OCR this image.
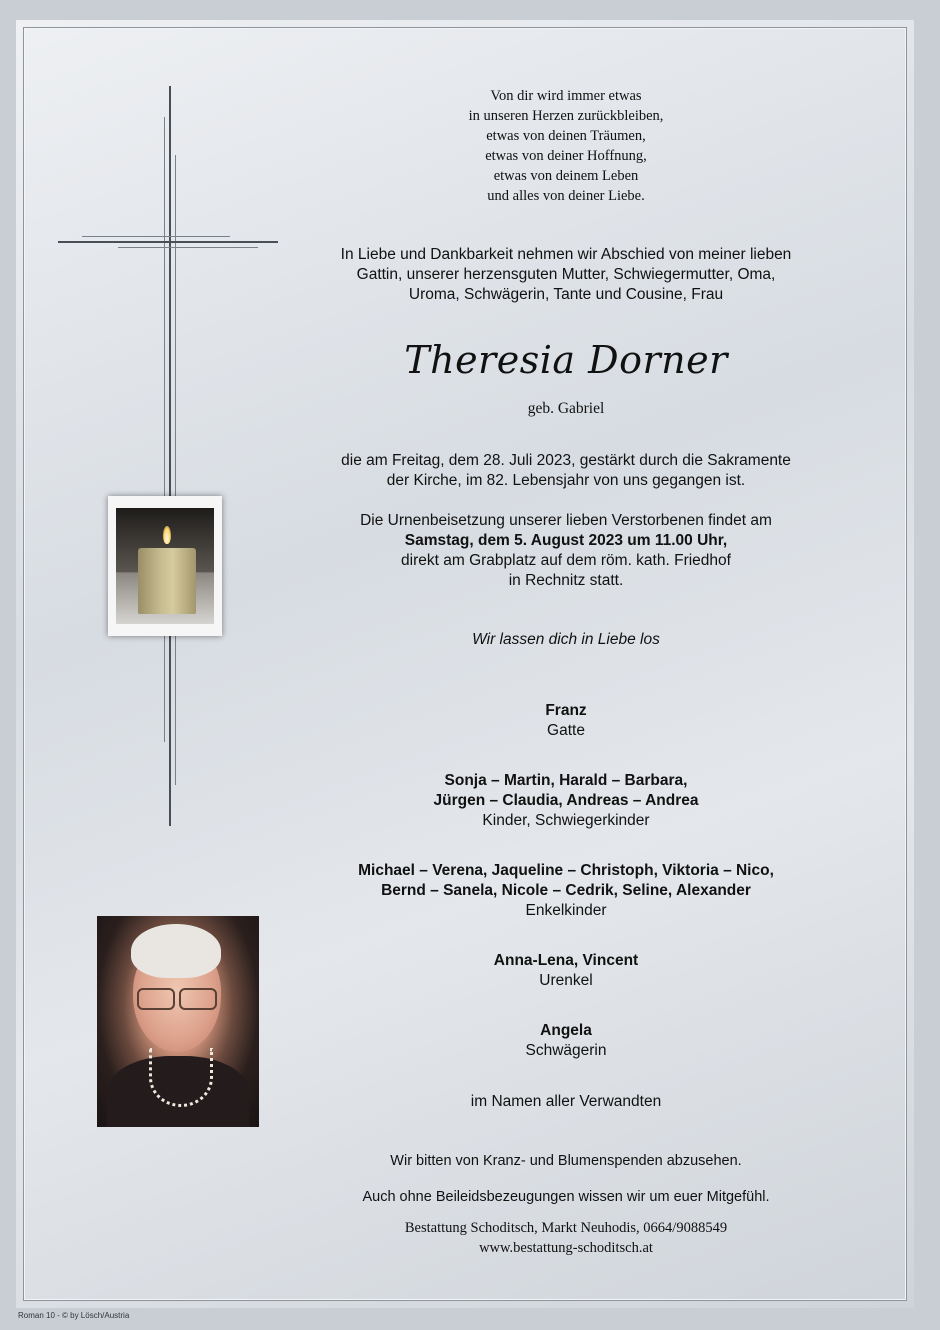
Von dir wird immer etwas
in unseren Herzen zurückbleiben,
etwas von deinen Träumen,
etwas von deiner Hoffnung,
etwas von deinem Leben
und alles von deiner Liebe.
In Liebe und Dankbarkeit nehmen wir Abschied von meiner lieben
Gattin, unserer herzensguten Mutter, Schwiegermutter, Oma,
Uroma, Schwägerin, Tante und Cousine, Frau
Theresia Dorner
geb. Gabriel
die am Freitag, dem 28. Juli 2023, gestärkt durch die Sakramente
der Kirche, im 82. Lebensjahr von uns gegangen ist.
Die Urnenbeisetzung unserer lieben Verstorbenen findet am
Samstag, dem 5. August 2023 um 11.00 Uhr,
direkt am Grabplatz auf dem röm. kath. Friedhof
in Rechnitz statt.
Wir lassen dich in Liebe los
Franz
Gatte
Sonja – Martin, Harald – Barbara,
Jürgen – Claudia, Andreas – Andrea
Kinder, Schwiegerkinder
Michael – Verena, Jaqueline – Christoph, Viktoria – Nico,
Bernd – Sanela, Nicole – Cedrik, Seline, Alexander
Enkelkinder
Anna-Lena, Vincent
Urenkel
Angela
Schwägerin
im Namen aller Verwandten
Wir bitten von Kranz- und Blumenspenden abzusehen.
Auch ohne Beileidsbezeugungen wissen wir um euer Mitgefühl.
Bestattung Schoditsch, Markt Neuhodis, 0664/9088549
www.bestattung-schoditsch.at
Roman 10 - © by Lösch/Austria
